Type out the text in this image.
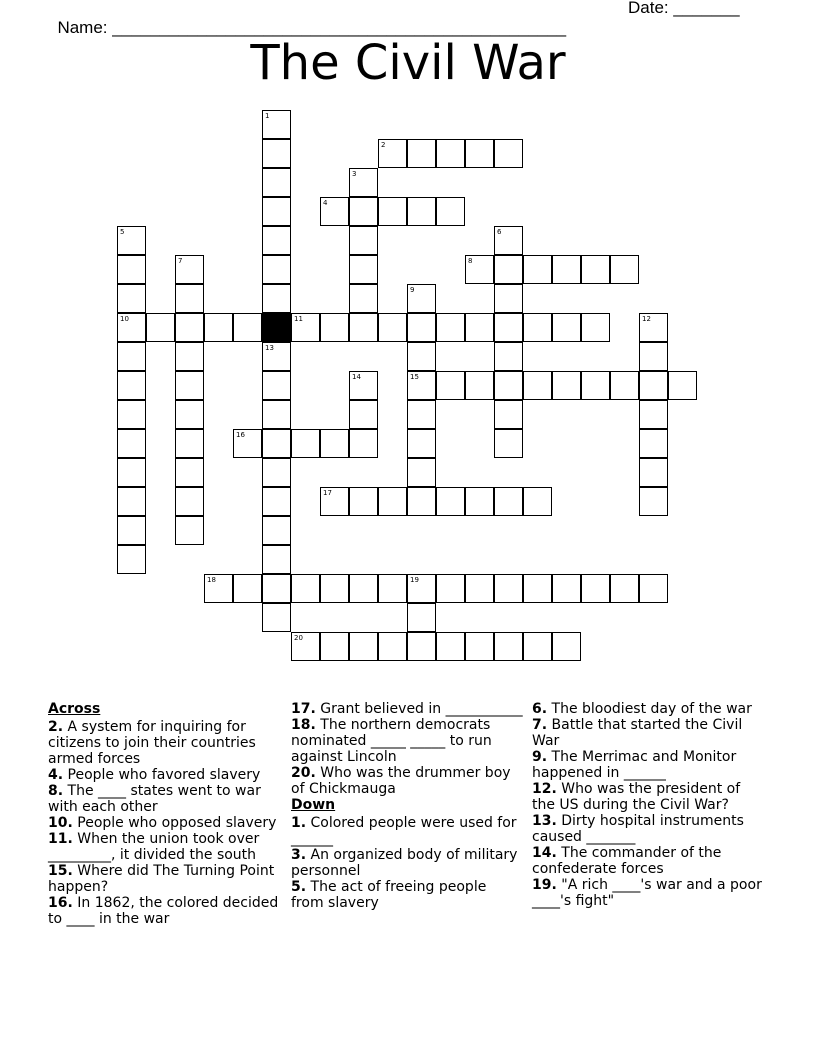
Name: ________________________________________________

Date: _______

The Civil War
1
2
3
4
5
10
6
7	8
9
15
11	12
13
14
16
17
18	19
20
Across
2. A system for inquiring for citizens to join their countries armed forces
4. People who favored slavery
8. The ____ states went to war with each other
10. People who opposed slavery
11. When the union took over _________, it divided the south
15. Where did The Turning Point happen?
16. In 1862, the colored decided to ____ in the war
17. Grant believed in ___________
18. The northern democrats nominated _____ _____ to run against Lincoln
20. Who was the drummer boy of Chickmauga
Down
1. Colored people were used for ______
3. An organized body of military personnel
5. The act of freeing people from slavery
6. The bloodiest day of the war
7. Battle that started the Civil War
9. The Merrimac and Monitor happened in ______
12. Who was the president of the US during the Civil War?
13. Dirty hospital instruments caused _______
14. The commander of the confederate forces
19. "A rich ____'s war and a poor ____'s fight"
